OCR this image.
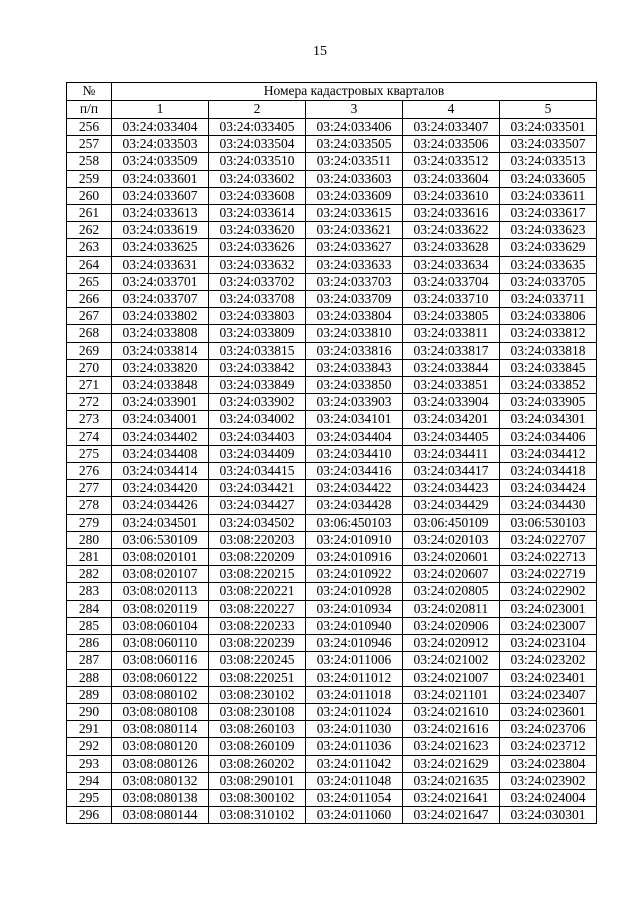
15
№	Номера кадастровых кварталов				
п/п	1	2	3	4	5
256	03:24:033404	03:24:033405	03:24:033406	03:24:033407	03:24:033501
257	03:24:033503	03:24:033504	03:24:033505	03:24:033506	03:24:033507
258	03:24:033509	03:24:033510	03:24:033511	03:24:033512	03:24:033513
259	03:24:033601	03:24:033602	03:24:033603	03:24:033604	03:24:033605
260	03:24:033607	03:24:033608	03:24:033609	03:24:033610	03:24:033611
261	03:24:033613	03:24:033614	03:24:033615	03:24:033616	03:24:033617
262	03:24:033619	03:24:033620	03:24:033621	03:24:033622	03:24:033623
263	03:24:033625	03:24:033626	03:24:033627	03:24:033628	03:24:033629
264	03:24:033631	03:24:033632	03:24:033633	03:24:033634	03:24:033635
265	03:24:033701	03:24:033702	03:24:033703	03:24:033704	03:24:033705
266	03:24:033707	03:24:033708	03:24:033709	03:24:033710	03:24:033711
267	03:24:033802	03:24:033803	03:24:033804	03:24:033805	03:24:033806
268	03:24:033808	03:24:033809	03:24:033810	03:24:033811	03:24:033812
269	03:24:033814	03:24:033815	03:24:033816	03:24:033817	03:24:033818
270	03:24:033820	03:24:033842	03:24:033843	03:24:033844	03:24:033845
271	03:24:033848	03:24:033849	03:24:033850	03:24:033851	03:24:033852
272	03:24:033901	03:24:033902	03:24:033903	03:24:033904	03:24:033905
273	03:24:034001	03:24:034002	03:24:034101	03:24:034201	03:24:034301
274	03:24:034402	03:24:034403	03:24:034404	03:24:034405	03:24:034406
275	03:24:034408	03:24:034409	03:24:034410	03:24:034411	03:24:034412
276	03:24:034414	03:24:034415	03:24:034416	03:24:034417	03:24:034418
277	03:24:034420	03:24:034421	03:24:034422	03:24:034423	03:24:034424
278	03:24:034426	03:24:034427	03:24:034428	03:24:034429	03:24:034430
279	03:24:034501	03:24:034502	03:06:450103	03:06:450109	03:06:530103
280	03:06:530109	03:08:220203	03:24:010910	03:24:020103	03:24:022707
281	03:08:020101	03:08:220209	03:24:010916	03:24:020601	03:24:022713
282	03:08:020107	03:08:220215	03:24:010922	03:24:020607	03:24:022719
283	03:08:020113	03:08:220221	03:24:010928	03:24:020805	03:24:022902
284	03:08:020119	03:08:220227	03:24:010934	03:24:020811	03:24:023001
285	03:08:060104	03:08:220233	03:24:010940	03:24:020906	03:24:023007
286	03:08:060110	03:08:220239	03:24:010946	03:24:020912	03:24:023104
287	03:08:060116	03:08:220245	03:24:011006	03:24:021002	03:24:023202
288	03:08:060122	03:08:220251	03:24:011012	03:24:021007	03:24:023401
289	03:08:080102	03:08:230102	03:24:011018	03:24:021101	03:24:023407
290	03:08:080108	03:08:230108	03:24:011024	03:24:021610	03:24:023601
291	03:08:080114	03:08:260103	03:24:011030	03:24:021616	03:24:023706
292	03:08:080120	03:08:260109	03:24:011036	03:24:021623	03:24:023712
293	03:08:080126	03:08:260202	03:24:011042	03:24:021629	03:24:023804
294	03:08:080132	03:08:290101	03:24:011048	03:24:021635	03:24:023902
295	03:08:080138	03:08:300102	03:24:011054	03:24:021641	03:24:024004
296	03:08:080144	03:08:310102	03:24:011060	03:24:021647	03:24:030301
